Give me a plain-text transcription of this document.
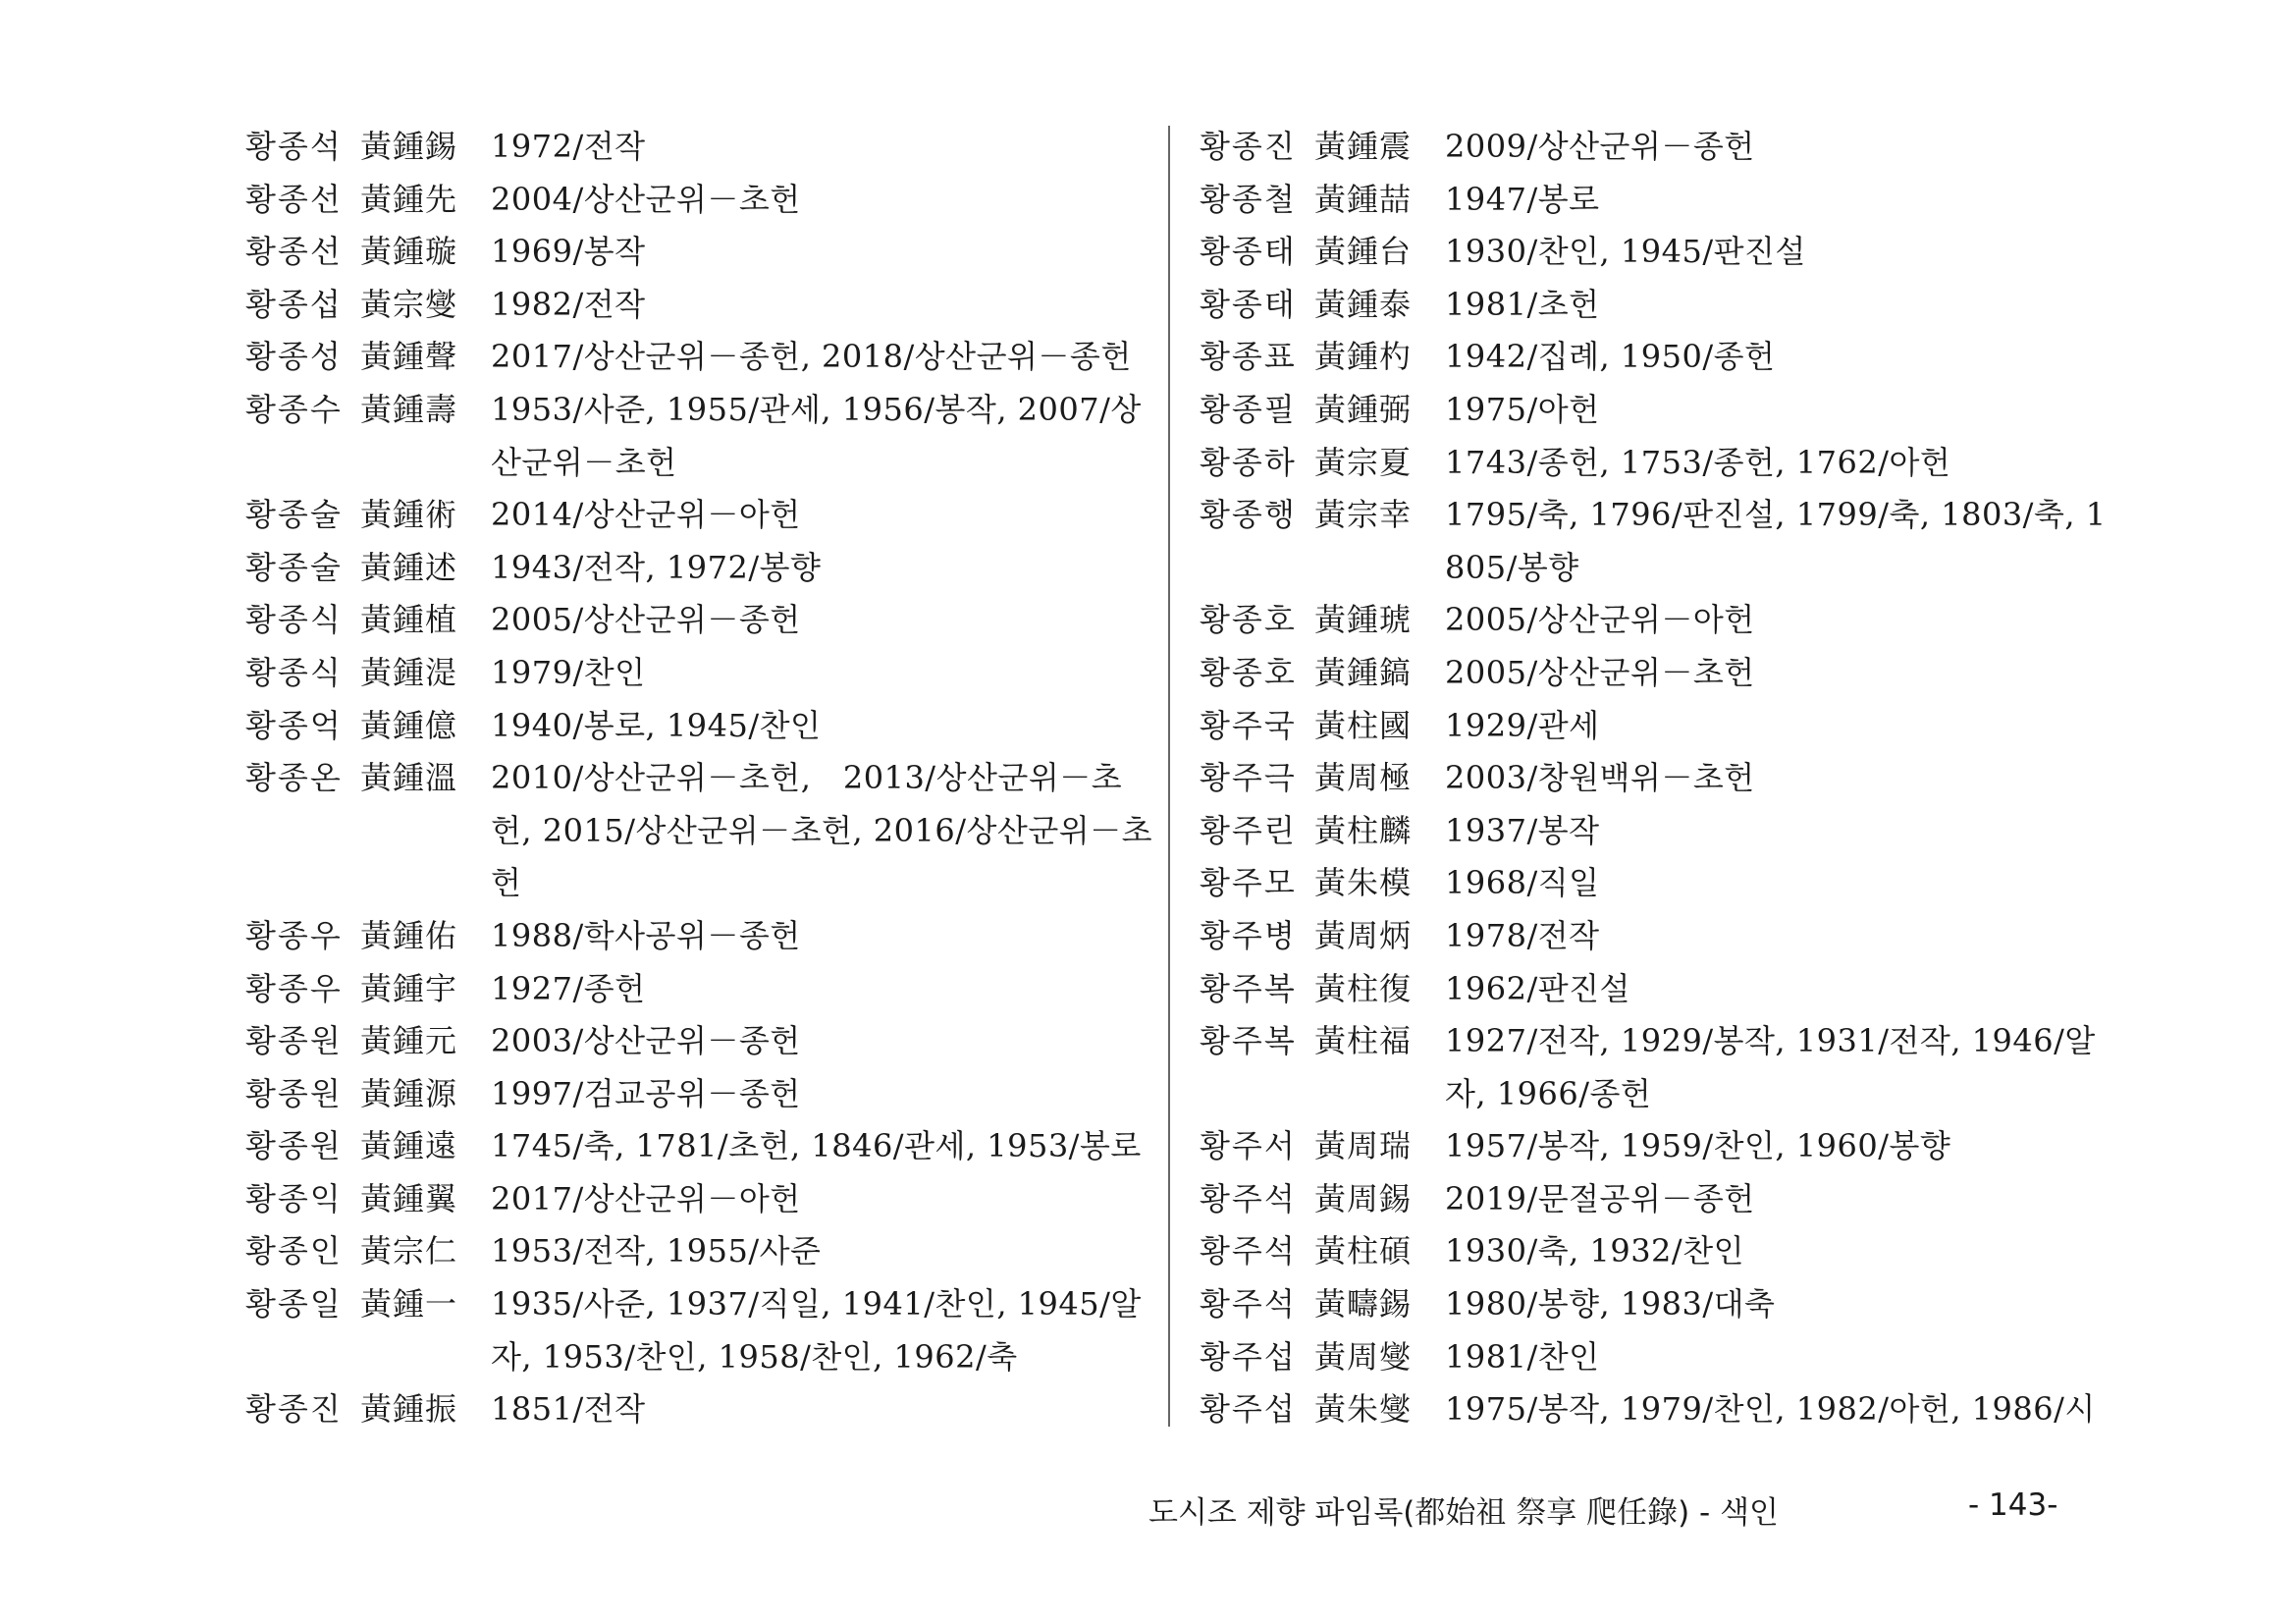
황종석 黃鍾錫	1972/전작
황종선 黃鍾先	2004/상산군위－초헌
황종선 黃鍾璇	1969/봉작
황종섭 黃宗燮	1982/전작
황종성 黃鍾聲	2017/상산군위－종헌, 2018/상산군위－종헌
황종수 黃鍾壽	1953/사준, 1955/관세, 1956/봉작, 2007/상산군위－초헌
황종술 黃鍾術	2014/상산군위－아헌
황종술 黃鍾述	1943/전작, 1972/봉향
황종식 黃鍾植	2005/상산군위－종헌
황종식 黃鍾湜	1979/찬인
황종억 黃鍾億	1940/봉로, 1945/찬인
황종온 黃鍾溫	2010/상산군위－초헌,　2013/상산군위－초헌, 2015/상산군위－초헌, 2016/상산군위－초헌
황종우 黃鍾佑	1988/학사공위－종헌
황종우 黃鍾宇	1927/종헌
황종원 黃鍾元	2003/상산군위－종헌
황종원 黃鍾源	1997/검교공위－종헌
황종원 黃鍾遠	1745/축, 1781/초헌, 1846/관세, 1953/봉로
황종익 黃鍾翼	2017/상산군위－아헌
황종인 黃宗仁	1953/전작, 1955/사준
황종일 黃鍾一	1935/사준, 1937/직일, 1941/찬인, 1945/알자, 1953/찬인, 1958/찬인, 1962/축
황종진 黃鍾振	1851/전작
황종진 黃鍾震	2009/상산군위－종헌
황종철 黃鍾喆	1947/봉로
황종태 黃鍾台	1930/찬인, 1945/판진설
황종태 黃鍾泰	1981/초헌
황종표 黃鍾杓	1942/집례, 1950/종헌
황종필 黃鍾弼	1975/아헌
황종하 黃宗夏	1743/종헌, 1753/종헌, 1762/아헌
황종행 黃宗幸	1795/축, 1796/판진설, 1799/축, 1803/축, 1805/봉향
황종호 黃鍾琥	2005/상산군위－아헌
황종호 黃鍾鎬	2005/상산군위－초헌
황주국 黃柱國	1929/관세
황주극 黃周極	2003/창원백위－초헌
황주린 黃柱麟	1937/봉작
황주모 黃朱模	1968/직일
황주병 黃周炳	1978/전작
황주복 黃柱復	1962/판진설
황주복 黃柱福	1927/전작, 1929/봉작, 1931/전작, 1946/알자, 1966/종헌
황주서 黃周瑞	1957/봉작, 1959/찬인, 1960/봉향
황주석 黃周錫	2019/문절공위－종헌
황주석 黃柱碩	1930/축, 1932/찬인
황주석 黃疇錫	1980/봉향, 1983/대축
황주섭 黃周燮	1981/찬인
황주섭 黃朱燮	1975/봉작, 1979/찬인, 1982/아헌, 1986/시
도시조 제향 파임록(都始祖 祭享 爬任錄) - 색인	- 143-
